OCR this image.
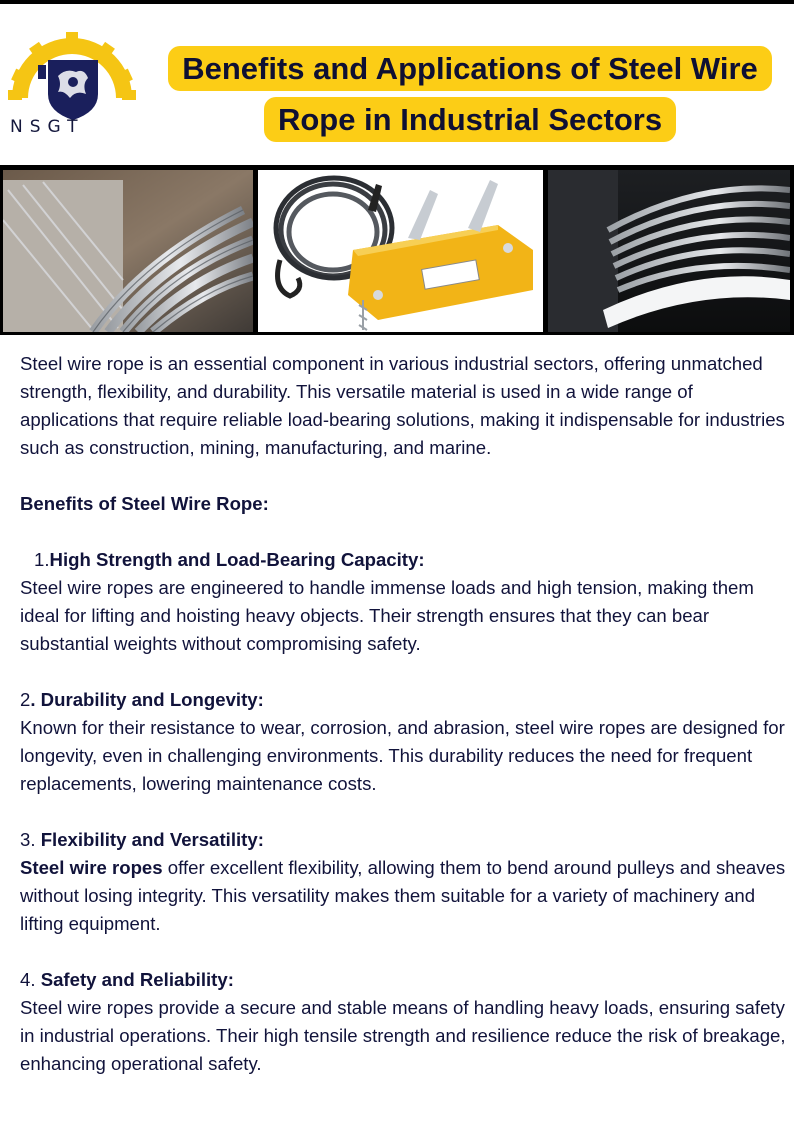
NSGT
Benefits and Applications of Steel Wire
Rope in Industrial Sectors

Steel wire rope is an essential component in various industrial sectors, offering unmatched strength, flexibility, and durability. This versatile material is used in a wide range of applications that require reliable load-bearing solutions, making it indispensable for industries such as construction, mining, manufacturing, and marine.

Benefits of Steel Wire Rope:

1.High Strength and Load-Bearing Capacity:

Steel wire ropes are engineered to handle immense loads and high tension, making them ideal for lifting and hoisting heavy objects. Their strength ensures that they can bear substantial weights without compromising safety.

2. Durability and Longevity:

Known for their resistance to wear, corrosion, and abrasion, steel wire ropes are designed for longevity, even in challenging environments. This durability reduces the need for frequent replacements, lowering maintenance costs.

3. Flexibility and Versatility:

Steel wire ropes offer excellent flexibility, allowing them to bend around pulleys and sheaves without losing integrity. This versatility makes them suitable for a variety of machinery and lifting equipment.

4. Safety and Reliability:

Steel wire ropes provide a secure and stable means of handling heavy loads, ensuring safety in industrial operations. Their high tensile strength and resilience reduce the risk of breakage, enhancing operational safety.
